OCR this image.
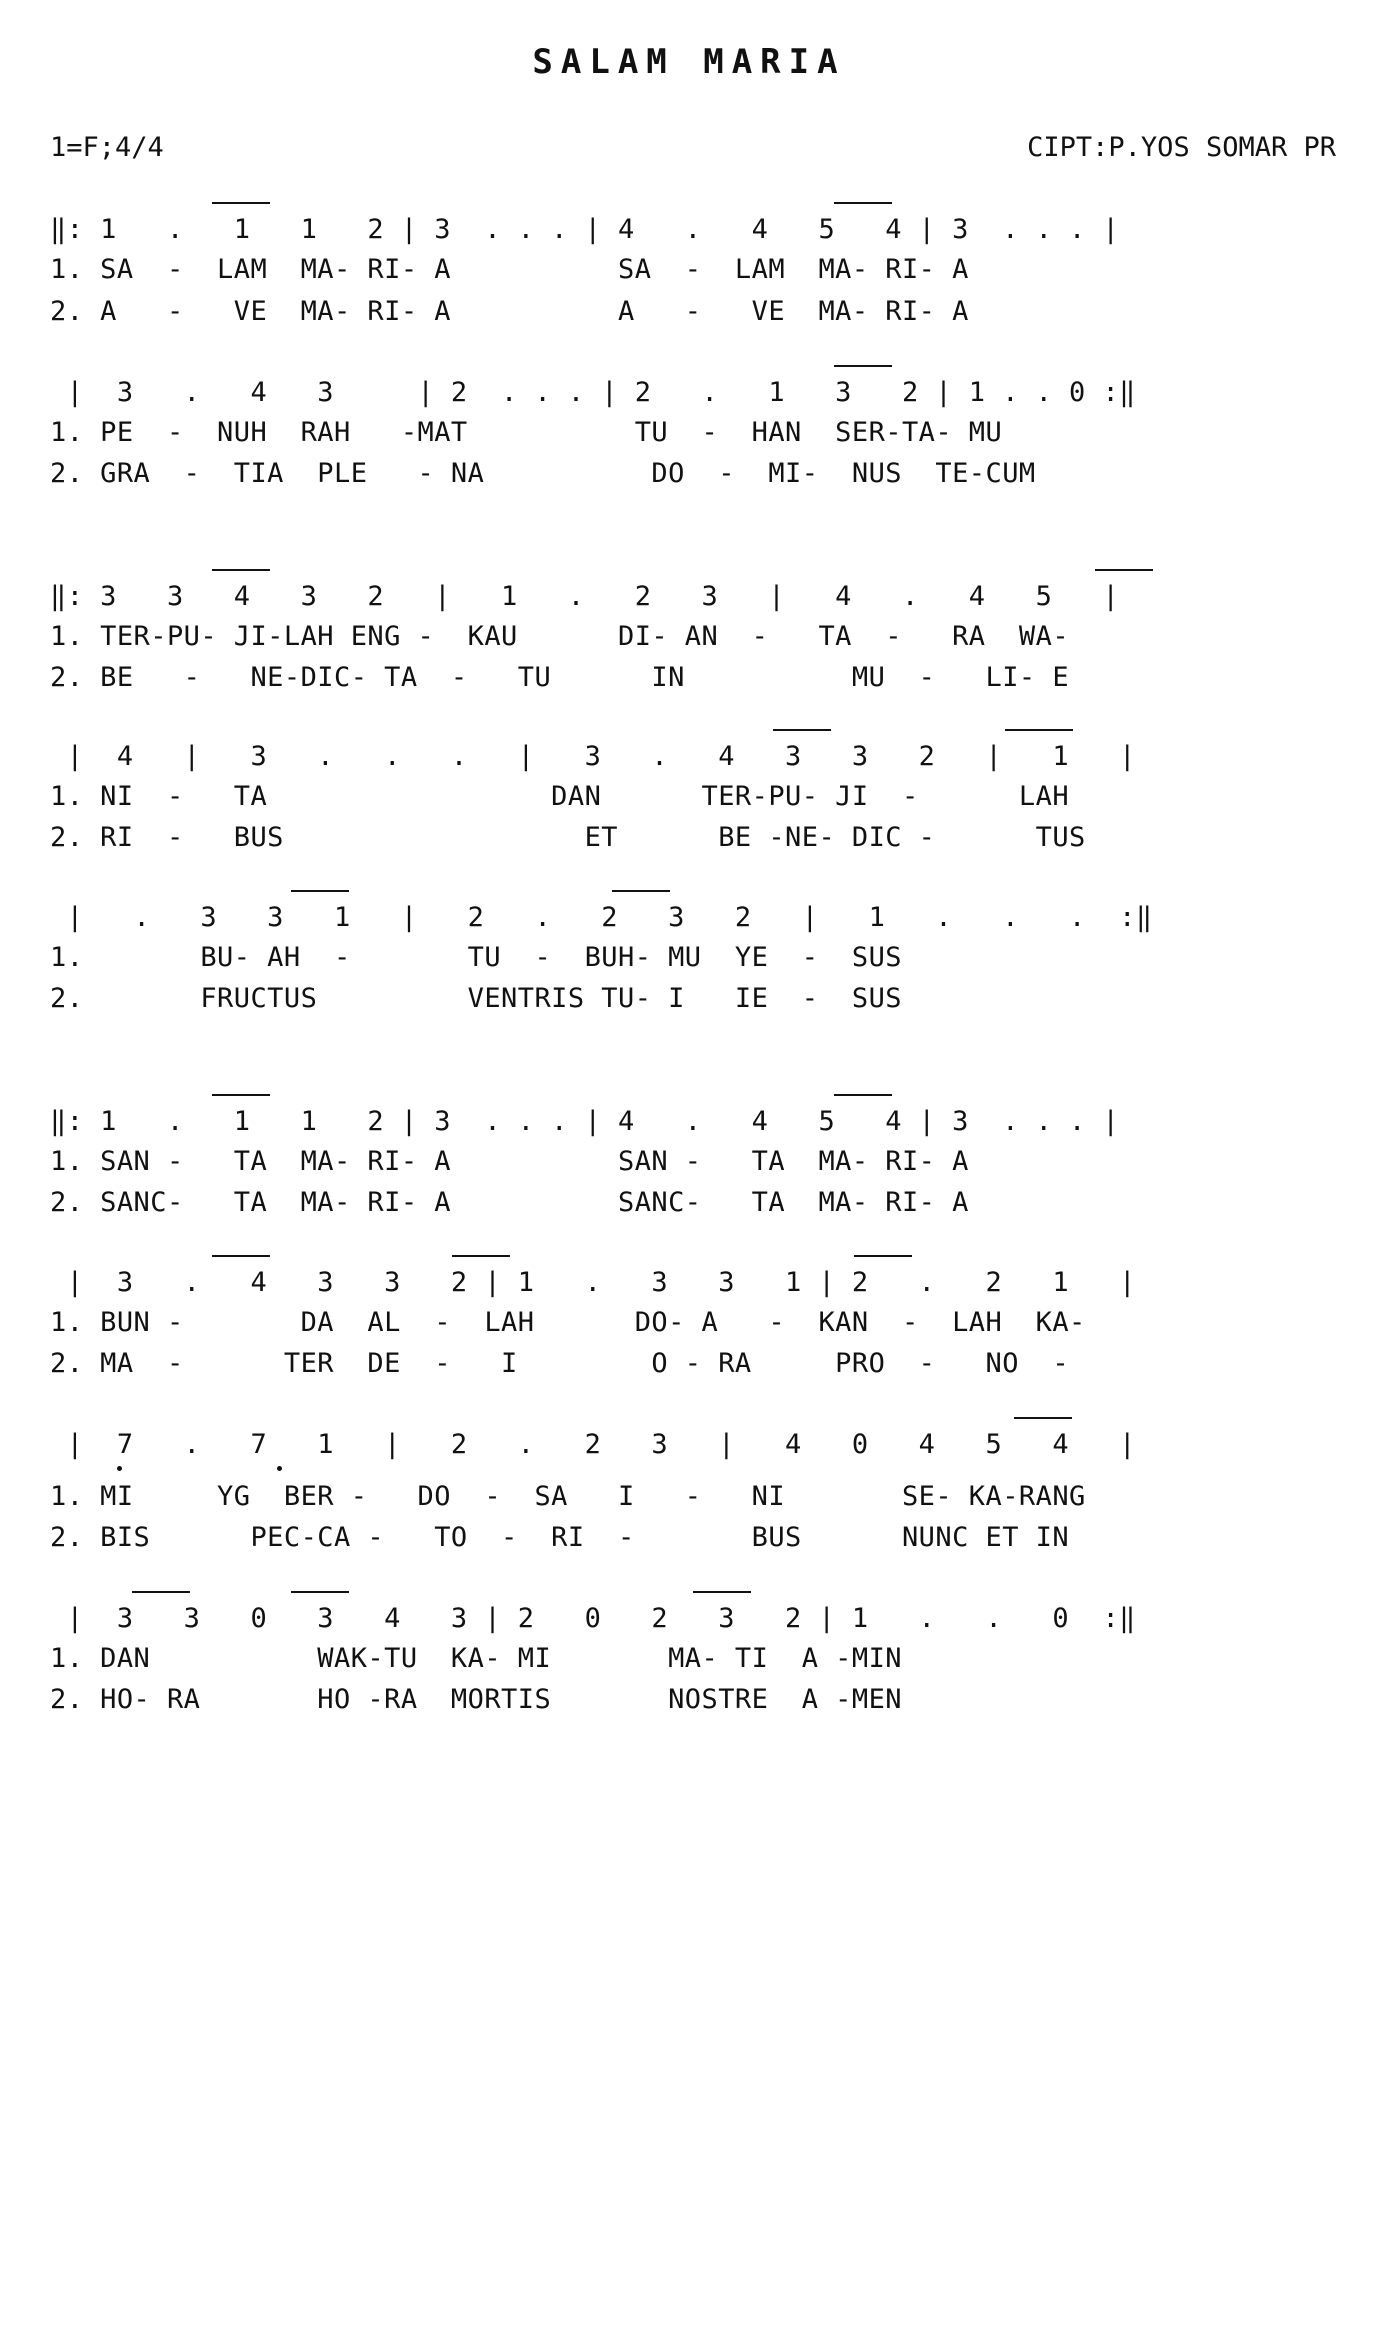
SALAM MARIA
1=F;4/4	CIPT:P.YOS SOMAR PR
‖: 1   .   1   1   2 | 3  . . . | 4   .   4   5   4 | 3  . . . |
1. SA  -  LAM  MA- RI- A          SA  -  LAM  MA- RI- A
2. A   -   VE  MA- RI- A          A   -   VE  MA- RI- A
|  3   .   4   3     | 2  . . . | 2   .   1   3   2 | 1 . . 0 :‖
1. PE  -  NUH  RAH   -MAT          TU  -  HAN  SER-TA- MU
2. GRA  -  TIA  PLE   - NA          DO  -  MI-  NUS  TE-CUM
‖: 3   3   4   3   2   |   1   .   2   3   |   4   .   4   5   |
1. TER-PU- JI-LAH ENG -  KAU      DI- AN  -   TA  -   RA  WA-
2. BE   -   NE-DIC- TA  -   TU      IN          MU  -   LI- E
|  4   |   3   .   .   .   |   3   .   4   3   3   2   |   1   |
1. NI  -   TA                 DAN      TER-PU- JI  -      LAH
2. RI  -   BUS                  ET      BE -NE- DIC -      TUS
|   .   3   3   1   |   2   .   2   3   2   |   1   .   .   .  :‖
1.       BU- AH  -       TU  -  BUH- MU  YE  -  SUS
2.       FRUCTUS         VENTRIS TU- I   IE  -  SUS
‖: 1   .   1   1   2 | 3  . . . | 4   .   4   5   4 | 3  . . . |
1. SAN -   TA  MA- RI- A          SAN -   TA  MA- RI- A
2. SANC-   TA  MA- RI- A          SANC-   TA  MA- RI- A
|  3   .   4   3   3   2 | 1   .   3   3   1 | 2   .   2   1   |
1. BUN -       DA  AL  -  LAH      DO- A   -  KAN  -  LAH  KA-
2. MA  -      TER  DE  -   I        O - RA     PRO  -   NO  -
|  7   .   7   1   |   2   .   2   3   |   4   0   4   5   4   |
1. MI     YG  BER -   DO  -  SA   I   -   NI       SE- KA-RANG
2. BIS      PEC-CA -   TO  -  RI  -       BUS      NUNC ET IN
|  3   3   0   3   4   3 | 2   0   2   3   2 | 1   .   .   0  :‖
1. DAN          WAK-TU  KA- MI       MA- TI  A -MIN
2. HO- RA       HO -RA  MORTIS       NOSTRE  A -MEN
